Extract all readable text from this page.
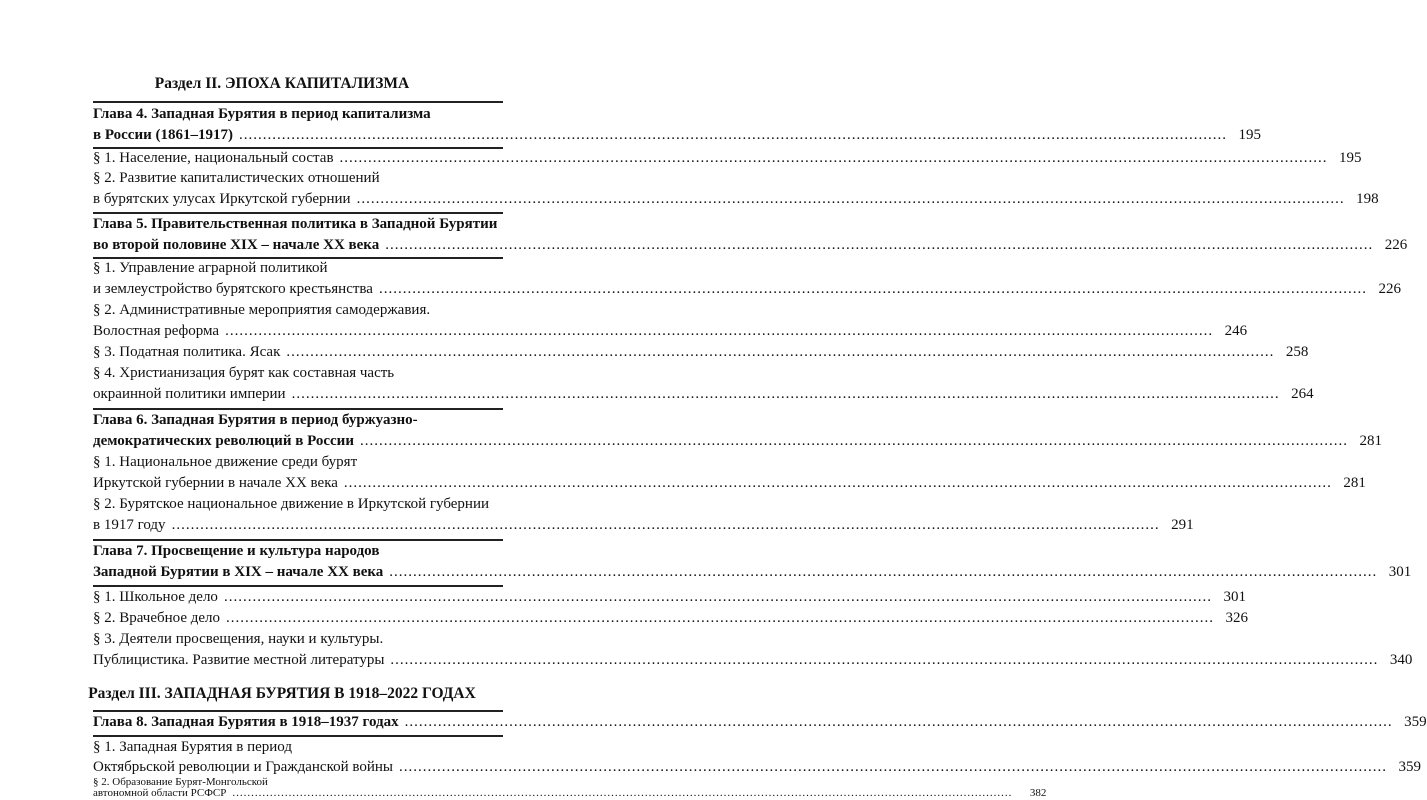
Раздел II. ЭПОХА КАПИТАЛИЗМА
Глава 4. Западная Бурятия в период капитализма
в России (1861–1917) ................................................................................................................................................................................................................ 195
§ 1. Население, национальный состав ................................................................................................................................................................................................................ 195
§ 2. Развитие капиталистических отношений
в бурятских улусах Иркутской губернии ................................................................................................................................................................................................................ 198
Глава 5. Правительственная политика в Западной Бурятии
во второй половине XIX – начале XX века ................................................................................................................................................................................................................ 226
§ 1. Управление аграрной политикой
и землеустройство бурятского крестьянства ................................................................................................................................................................................................................ 226
§ 2. Административные мероприятия самодержавия.
Волостная реформа ................................................................................................................................................................................................................ 246
§ 3. Податная политика. Ясак ................................................................................................................................................................................................................ 258
§ 4. Христианизация бурят как составная часть
окраинной политики империи ................................................................................................................................................................................................................ 264
Глава 6. Западная Бурятия в период буржуазно-
демократических революций в России ................................................................................................................................................................................................................ 281
§ 1. Национальное движение среди бурят
Иркутской губернии в начале XX века ................................................................................................................................................................................................................ 281
§ 2. Бурятское национальное движение в Иркутской губернии
в 1917 году ................................................................................................................................................................................................................ 291
Глава 7. Просвещение и культура народов
Западной Бурятии в XIX – начале XX века ................................................................................................................................................................................................................ 301
§ 1. Школьное дело ................................................................................................................................................................................................................ 301
§ 2. Врачебное дело ................................................................................................................................................................................................................ 326
§ 3. Деятели просвещения, науки и культуры.
Публицистика. Развитие местной литературы ................................................................................................................................................................................................................ 340
Раздел III. ЗАПАДНАЯ БУРЯТИЯ В 1918–2022 ГОДАХ
Глава 8. Западная Бурятия в 1918–1937 годах ................................................................................................................................................................................................................ 359
§ 1. Западная Бурятия в период
Октябрьской революции и Гражданской войны ................................................................................................................................................................................................................ 359
§ 2. Образование Бурят-Монгольской
автономной области РСФСР ................................................................................................................................................................................................................	382
